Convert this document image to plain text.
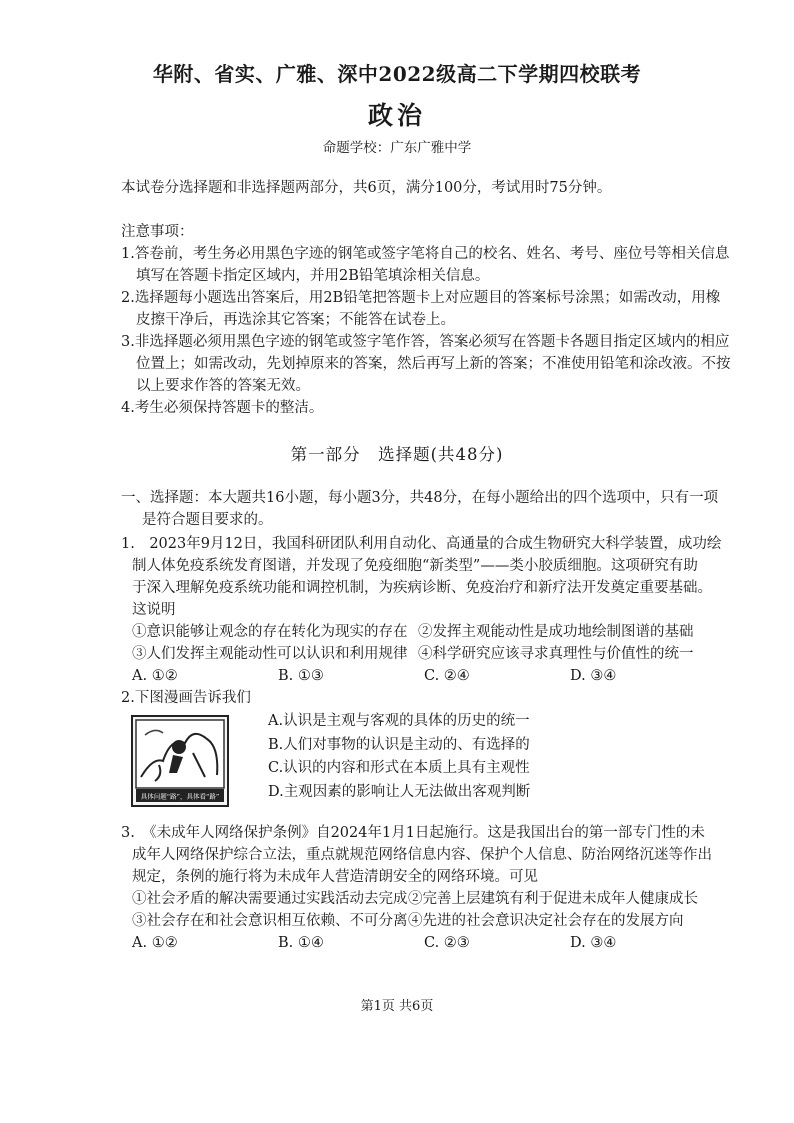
华附、省实、广雅、深中2022级高二下学期四校联考
政治
命题学校：广东广雅中学
本试卷分选择题和非选择题两部分，共6页，满分100分，考试用时75分钟。
注意事项：
1.答卷前，考生务必用黑色字迹的钢笔或签字笔将自己的校名、姓名、考号、座位号等相关信息
填写在答题卡指定区域内，并用2B铅笔填涂相关信息。
2.选择题每小题选出答案后，用2B铅笔把答题卡上对应题目的答案标号涂黑；如需改动，用橡
皮擦干净后，再选涂其它答案；不能答在试卷上。
3.非选择题必须用黑色字迹的钢笔或签字笔作答，答案必须写在答题卡各题目指定区域内的相应
位置上；如需改动，先划掉原来的答案，然后再写上新的答案；不准使用铅笔和涂改液。不按
以上要求作答的答案无效。
4.考生必须保持答题卡的整洁。
第一部分　选择题(共48分)
一、选择题：本大题共16小题，每小题3分，共48分，在每小题给出的四个选项中，只有一项
是符合题目要求的。
1.　2023年9月12日，我国科研团队利用自动化、高通量的合成生物研究大科学装置，成功绘
制人体免疫系统发育图谱，并发现了免疫细胞“新类型”——类小胶质细胞。这项研究有助
于深入理解免疫系统功能和调控机制，为疾病诊断、免疫治疗和新疗法开发奠定重要基础。
这说明
①意识能够让观念的存在转化为现实的存在 ②发挥主观能动性是成功地绘制图谱的基础
③人们发挥主观能动性可以认识和利用规律 ④科学研究应该寻求真理性与价值性的统一
A. ①②	B. ①③	C. ②④	D. ③④
2.下图漫画告诉我们
具体问题“路”，具体看“路”
A.认识是主观与客观的具体的历史的统一
B.人们对事物的认识是主动的、有选择的
C.认识的内容和形式在本质上具有主观性
D.主观因素的影响让人无法做出客观判断
3.　《未成年人网络保护条例》自2024年1月1日起施行。这是我国出台的第一部专门性的未
成年人网络保护综合立法，重点就规范网络信息内容、保护个人信息、防治网络沉迷等作出
规定，条例的施行将为未成年人营造清朗安全的网络环境。可见
①社会矛盾的解决需要通过实践活动去完成 ②完善上层建筑有利于促进未成年人健康成长
③社会存在和社会意识相互依赖、不可分离 ④先进的社会意识决定社会存在的发展方向
A. ①②	B. ①④	C. ②③	D. ③④
第1页 共6页
